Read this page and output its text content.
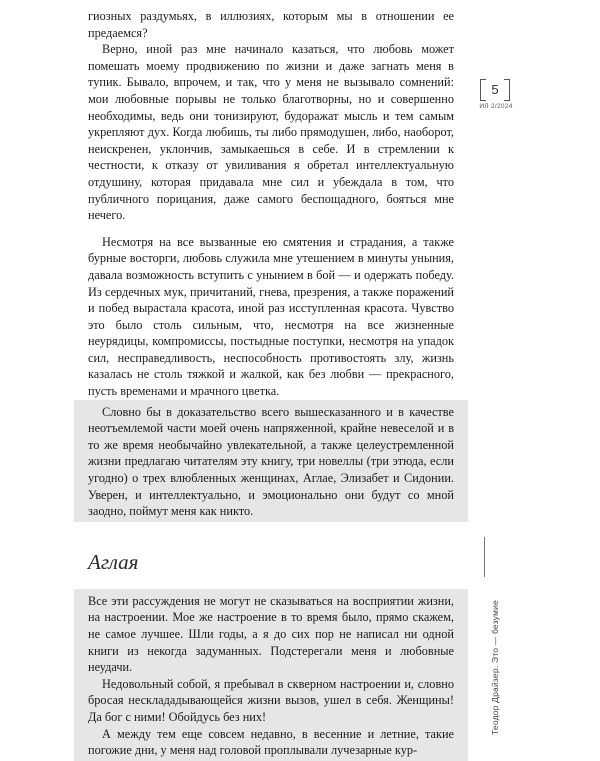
гиозных раздумьях, в иллюзиях, которым мы в отношении ее предаемся?

Верно, иной раз мне начинало казаться, что любовь может помешать моему продвижению по жизни и даже загнать меня в тупик. Бывало, впрочем, и так, что у меня не вызывало сомнений: мои любовные порывы не только благотворны, но и совершенно необходимы, ведь они тонизируют, будоражат мысль и тем самым укрепляют дух. Когда любишь, ты либо прямодушен, либо, наоборот, неискренен, уклончив, замыкаешься в себе. И в стремлении к честности, к отказу от увиливания я обретал интеллектуальную отдушину, которая придавала мне сил и убеждала в том, что публичного порицания, даже самого беспощадного, бояться мне нечего.

Несмотря на все вызванные ею смятения и страдания, а также бурные восторги, любовь служила мне утешением в минуты уныния, давала возможность вступить с унынием в бой — и одержать победу. Из сердечных мук, причитаний, гнева, презрения, а также поражений и побед вырастала красота, иной раз исступленная красота. Чувство это было столь сильным, что, несмотря на все жизненные неурядицы, компромиссы, постыдные поступки, несмотря на упадок сил, несправедливость, неспособность противостоять злу, жизнь казалась не столь тяжкой и жалкой, как без любви — прекрасного, пусть временами и мрачного цветка.

Словно бы в доказательство всего вышесказанного и в качестве неотъемлемой части моей очень напряженной, крайне невеселой и в то же время необычайно увлекательной, а также целеустремленной жизни предлагаю читателям эту книгу, три новеллы (три этюда, если угодно) о трех влюбленных женщинах, Аглае, Элизабет и Сидонии. Уверен, и интеллектуально, и эмоционально они будут со мной заодно, поймут меня как никто.

Аглая

Все эти рассуждения не могут не сказываться на восприятии жизни, на настроении. Мое же настроение в то время было, прямо скажем, не самое лучшее. Шли годы, а я до сих пор не написал ни одной книги из некогда задуманных. Подстерегали меня и любовные неудачи.

Недовольный собой, я пребывал в скверном настроении и, словно бросая несклададывающейся жизни вызов, ушел в себя. Женщины! Да бог с ними! Обойдусь без них!

А между тем еще совсем недавно, в весенние и летние, такие погожие дни, у меня над головой проплывали лучезарные кур-

5
ИЛ 2/2024
Теодор Драйзер. Это — безумие
